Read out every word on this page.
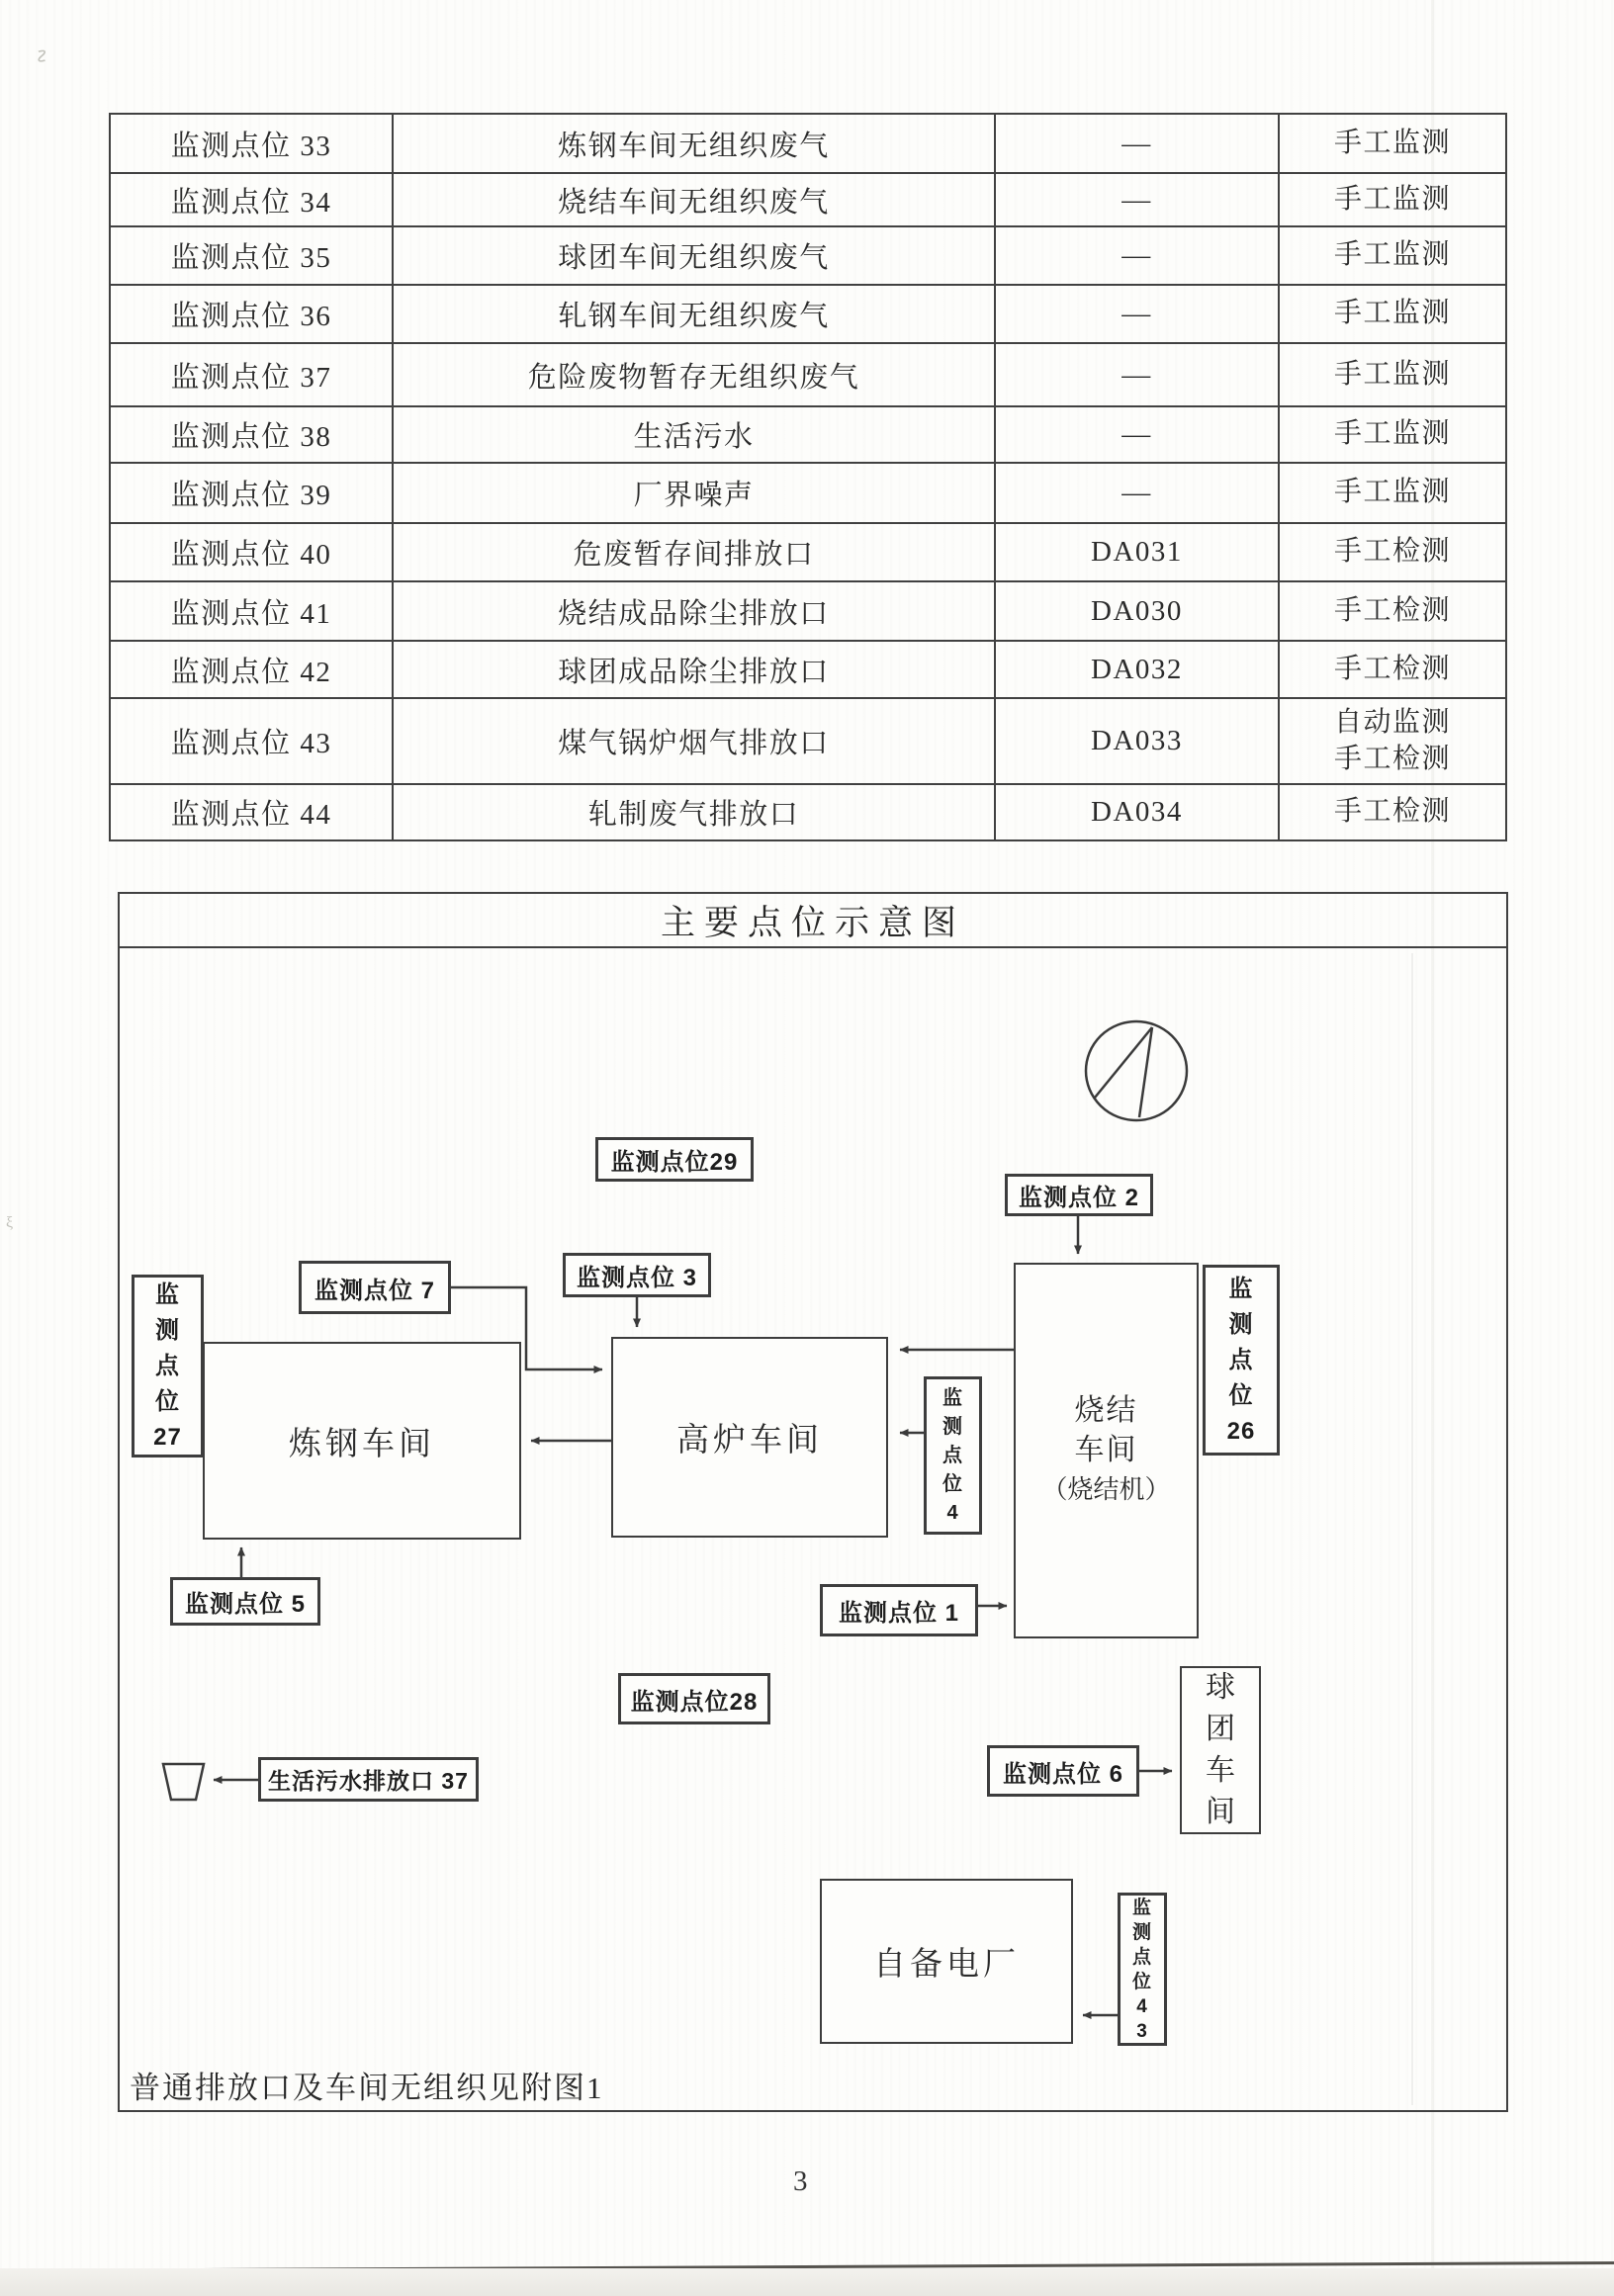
∿
ξ
监测点位 33	炼钢车间无组织废气	—	手工监测
监测点位 34	烧结车间无组织废气	—	手工监测
监测点位 35	球团车间无组织废气	—	手工监测
监测点位 36	轧钢车间无组织废气	—	手工监测
监测点位 37	危险废物暂存无组织废气	—	手工监测
监测点位 38	生活污水	—	手工监测
监测点位 39	厂界噪声	—	手工监测
监测点位 40	危废暂存间排放口	DA031	手工检测
监测点位 41	烧结成品除尘排放口	DA030	手工检测
监测点位 42	球团成品除尘排放口	DA032	手工检测
监测点位 43	煤气锅炉烟气排放口	DA033	自动监测
手工检测
监测点位 44	轧制废气排放口	DA034	手工检测
主要点位示意图
炼钢车间	高炉车间
烧结
车间
（烧结机）
球
团
车
间
自备电厂
监测点位29
监测点位 2
监测点位 7	监测点位 3
监
测
点
位
27
监
测
点
位
26
监
测
点
位
4
监测点位 5	监测点位 1
监测点位28
监测点位 6
生活污水排放口 37
监
测
点
位
4
3
普通排放口及车间无组织见附图1
3
